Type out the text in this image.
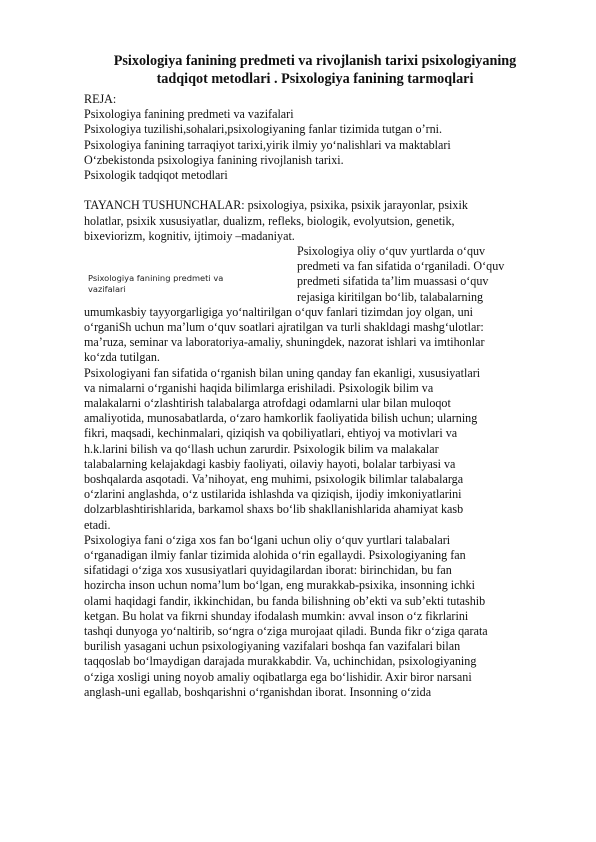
Psixologiya fanining predmeti va rivojlanish tarixi psixologiyaning
tadqiqot metodlari . Psixologiya fanining tarmoqlari

REJA:

Psixologiya fanining predmeti va vazifalari

Psixologiya tuzilishi,sohalari,psixologiyaning fanlar tizimida tutgan o’rni.

Psixologiya fanining tarraqiyot tarixi,yirik ilmiy yo‘nalishlari va maktablari

O‘zbekistonda psixologiya fanining rivojlanish tarixi.

Psixologik tadqiqot metodlari

TAYANCH TUSHUNCHALAR: psixologiya, psixika, psixik jarayonlar, psixik

holatlar, psixik xususiyatlar, dualizm, refleks, biologik, evolyutsion, genetik,

bixeviorizm, kognitiv, ijtimoiy –madaniyat.

Psixologiya fanining predmeti va vazifalari

Psixologiya oliy o‘quv yurtlarda o‘quv

predmeti va fan sifatida o‘rganiladi. O‘quv

predmeti sifatida ta’lim muassasi o‘quv

rejasiga kiritilgan bo‘lib, talabalarning

umumkasbiy tayyorgarligiga yo‘naltirilgan o‘quv fanlari tizimdan joy olgan, uni

o‘rganiSh uchun ma’lum o‘quv soatlari ajratilgan va turli shakldagi mashg‘ulotlar:

ma’ruza, seminar va laboratoriya-amaliy, shuningdek, nazorat ishlari va imtihonlar

ko‘zda tutilgan.

Psixologiyani fan sifatida o‘rganish bilan uning qanday fan ekanligi, xususiyatlari

va nimalarni o‘rganishi haqida bilimlarga erishiladi. Psixologik bilim va

malakalarni o‘zlashtirish talabalarga atrofdagi odamlarni ular bilan muloqot

amaliyotida, munosabatlarda, o‘zaro hamkorlik faoliyatida bilish uchun; ularning

fikri, maqsadi, kechinmalari, qiziqish va qobiliyatlari, ehtiyoj va motivlari va

h.k.larini bilish va qo‘llash uchun zarurdir. Psixologik bilim va malakalar

talabalarning kelajakdagi kasbiy faoliyati, oilaviy hayoti, bolalar tarbiyasi va

boshqalarda asqotadi. Va’nihoyat, eng muhimi, psixologik bilimlar talabalarga

o‘zlarini anglashda, o‘z ustilarida ishlashda va qiziqish, ijodiy imkoniyatlarini

dolzarblashtirishlarida, barkamol shaxs bo‘lib shakllanishlarida ahamiyat kasb

etadi.

Psixologiya fani o‘ziga xos fan bo‘lgani uchun oliy o‘quv yurtlari talabalari

o‘rganadigan ilmiy fanlar tizimida alohida o‘rin egallaydi. Psixologiyaning fan

sifatidagi o‘ziga xos xususiyatlari quyidagilardan iborat: birinchidan, bu fan

hozircha inson uchun noma’lum bo‘lgan, eng murakkab-psixika, insonning ichki

olami haqidagi fandir, ikkinchidan, bu fanda bilishning ob’ekti va sub’ekti tutashib

ketgan. Bu holat va fikrni shunday ifodalash mumkin: avval inson o‘z fikrlarini

tashqi dunyoga yo‘naltirib, so‘ngra o‘ziga murojaat qiladi. Bunda fikr o‘ziga qarata

burilish yasagani uchun psixologiyaning vazifalari boshqa fan vazifalari bilan

taqqoslab bo‘lmaydigan darajada murakkabdir. Va, uchinchidan, psixologiyaning

o‘ziga xosligi uning noyob amaliy oqibatlarga ega bo‘lishidir. Axir biror narsani

anglash-uni egallab, boshqarishni o‘rganishdan iborat. Insonning o‘zida
